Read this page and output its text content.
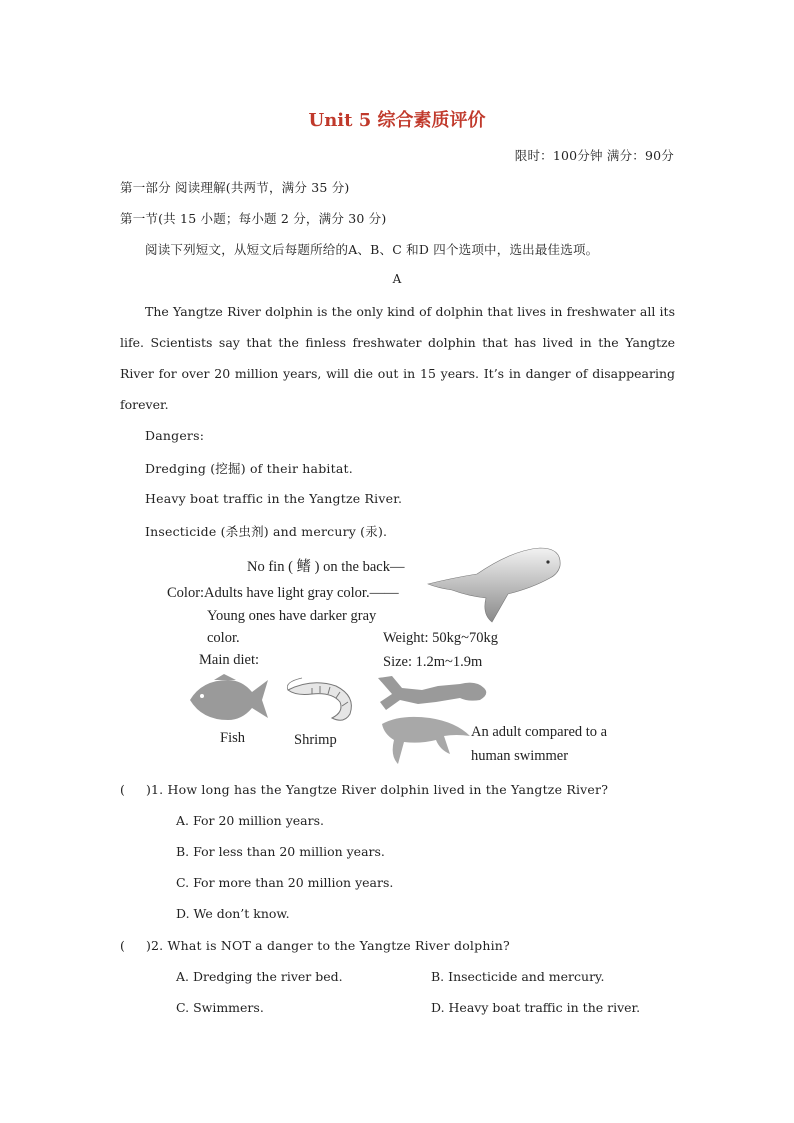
Unit 5 综合素质评价
限时：100分钟 满分：90分
第一部分 阅读理解(共两节，满分 35 分)
第一节(共 15 小题；每小题 2 分，满分 30 分)
阅读下列短文，从短文后每题所给的A、B、C 和D 四个选项中，选出最佳选项。
A
The Yangtze River dolphin is the only kind of dolphin that lives in freshwater all its life. Scientists say that the finless freshwater dolphin that has lived in the Yangtze River for over 20 million years, will die out in 15 years. It’s in danger of disappearing forever.
Dangers:
Dredging (挖掘) of their habitat.
Heavy boat traffic in the Yangtze River.
Insecticide (杀虫剂) and mercury (汞).
No fin ( 鳍 ) on the back—
Color:Adults have light gray color.——
Young ones have darker gray
color.	Weight: 50kg~70kg
Size: 1.2m~1.9m
Main diet:
Fish	Shrimp	An adult compared to a
human swimmer
(     )1. How long has the Yangtze River dolphin lived in the Yangtze River?
A. For 20 million years.
B. For less than 20 million years.
C. For more than 20 million years.
D. We don’t know.
(     )2. What is NOT a danger to the Yangtze River dolphin?
A. Dredging the river bed.	B. Insecticide and mercury.
C. Swimmers.	D. Heavy boat traffic in the river.
